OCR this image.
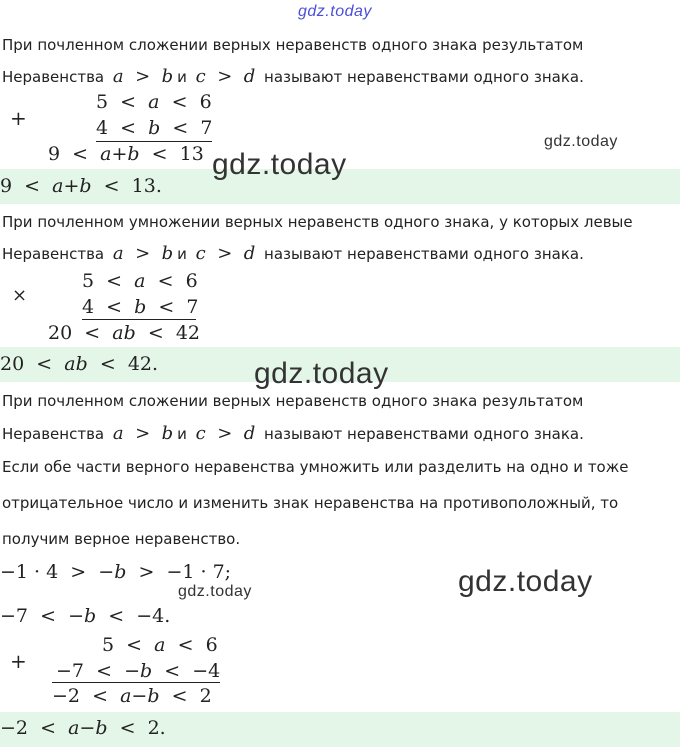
gdz.today
При почленном сложении верных неравенств одного знака результатом
Неравенства a  >  b и c  >  d называют неравенствами одного знака.
+
5  <  a  <  6
4  <  b  <  7
9  <  a+b  <  13
gdz.today
9  <  a+b  <  13.
gdz.today
При почленном умножении верных неравенств одного знака, у которых левые
Неравенства a  >  b и c  >  d называют неравенствами одного знака.
×
5  <  a  <  6
4  <  b  <  7
20  <  ab  <  42
20  <  ab  <  42.	gdz.today
При почленном сложении верных неравенств одного знака результатом
Неравенства a  >  b и c  >  d называют неравенствами одного знака.
Если обе части верного неравенства умножить или разделить на одно и тоже
отрицательное число и изменить знак неравенства на противоположный, то
получим верное неравенство.
−1 · 4  >  −b  >  −1 · 7;
gdz.today	gdz.today
−7  <  −b  <  −4.
+
5  <  a  <  6
−7  <  −b  <  −4
−2  <  a−b  <  2
−2  <  a−b  <  2.
